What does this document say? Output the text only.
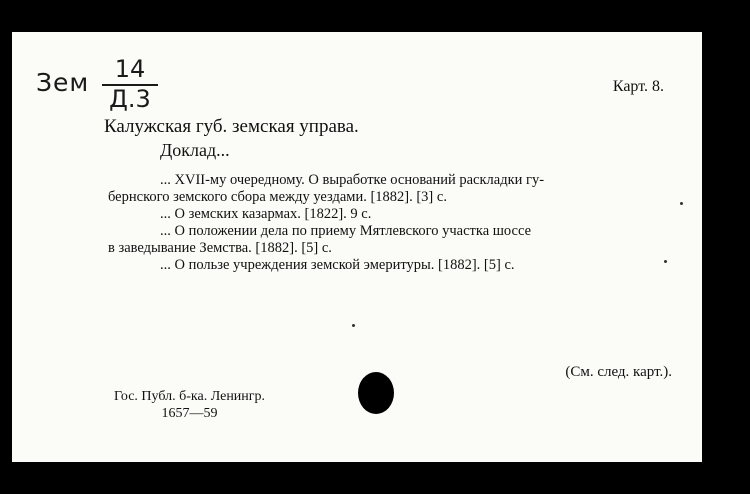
Зем	14
Д.3	Карт. 8.
Калужская губ. земская управа.
Доклад...

... XVII-му очередному. О выработке оснований раскладки гу-
бернского земского сбора между уездами. [1882]. [3] с.

... О земских казармах. [1822]. 9 с.

... О положении дела по приему Мятлевского участка шоссе
в заведывание Земства. [1882]. [5] с.

... О пользе учреждения земской эмеритуры. [1882]. [5] с.

(См. след. карт.).
Гос. Публ. б-ка. Ленингр.
1657—59
